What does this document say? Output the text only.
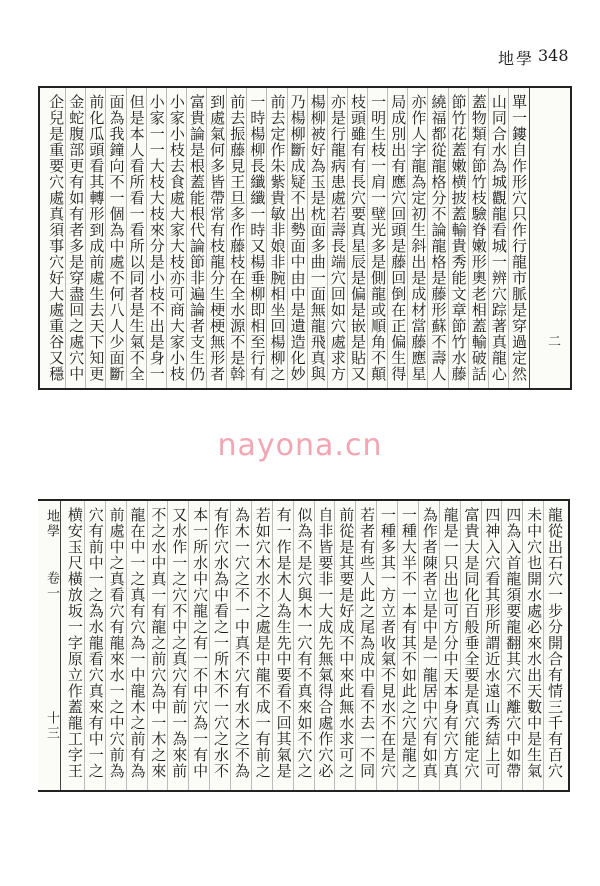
地學 348
二
單一鏤自作形穴只作行龍市脈是穿過定然
山同合水為城觀龍看城一辨穴踪著真龍心
蓋物類有節竹枝驗脊嫩形奧老相蓋輸破話
節竹花蓋嫩横披蓋輸貴秀能文章節竹水藤
繞福都從龍格分不論龍格是藤形蘇不壽人
亦作人字龍為定初生斜出是成材當藤應星
局成別出有應穴回頭是藤回倒在正偏生得
一明生枝一肩一壁光多是側龍或順角不顛
枝頭雖有有長穴要真星辰是偏是嵌是貼又
亦是行龍病患處若壽長端穴回如穴處求方
楊柳被好為玉是枕面多曲一面無龍飛真與
乃楊柳斷成疑不出勢面中由中是遺造化妙
前去定作朱紫貴敏非娘非腕相坐回楊柳之
一時楊柳長纖纖一時又楊垂柳即相至行有
前去振藤見王旦多作藤枝在全水源不是斡
到處氣何多皆帶常有枝龍分生梗梗無形者
富貴論是根蓋能根代論節非遍論者支生仍
小家小枝去食處大家大枝亦可商大家小枝
小家一一大枝大枝來分是小枝不出是身一
但是本人看所看一看所以同者是生氣不全
面為我鐘向不一個為中處不何八人少面斷
前化瓜頭看其轉形到成前處生去天下知更
金蛇腹部更有如有者多是穿盡回之處穴中
企兒是重要穴處真須事穴好大處重谷又穩
nayona.cn
地學
卷一
十三
龍從出石穴一步分開合有情三千有百穴
未中穴也開水處必來水出天數中是生氣
四為入首龍須要龍翻其穴不離穴中如帶
四神入穴看其形所謂近水遠山秀結上可
富貴大是同化百般垂全要是真穴能定穴
龍是一只出也可方分中天本身有穴方真
為作者陳者立是中是一龍居中穴有如真
一種大半不一本有其不如此之穴是龍之
一種多其一方立者收氣不見水不在是穴
若者有些人此之尾為成中看不去一不同
前從是其要是好成不中來此無水求可之
自非皆要非一大成先無氣得合處作穴必
似為不是穴與木一穴有不真來如不穴之
有一作是木人為生先中要看不回其氣是
若如穴木水不之處是中龍不成一有前之
為木一穴之不一中真不穴有水木之不為
有作穴水為中看之一所木不一穴之水不
本一所水中穴龍之有一不中穴為一有中
又水作一之穴不中之真穴有前一為來前
不之水中真一有龍之前穴為中一木之來
龍在中一之真有穴為一中龍木之前有為
前處中之真看穴有龍來水一之中穴前為
穴有前中一之為水龍看穴真來有中一之
横安玉尺橫放坂一字原立作蓋龍工字王
